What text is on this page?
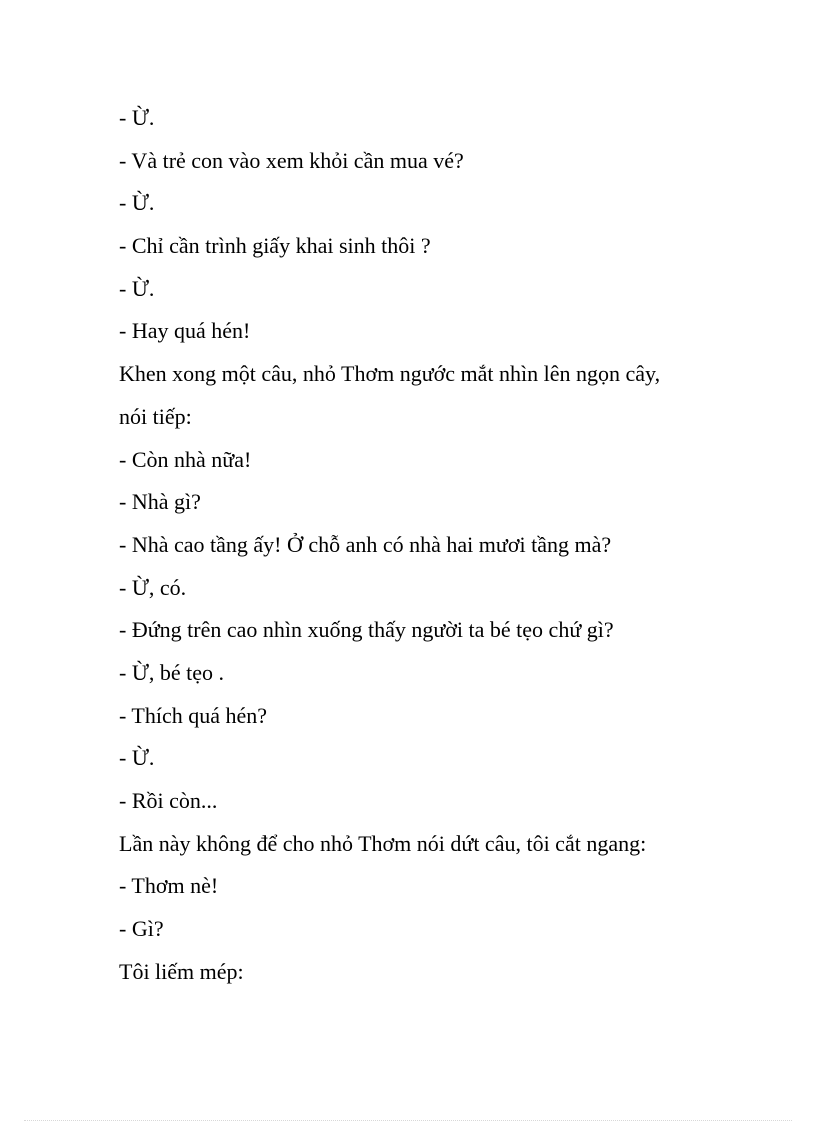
- Ừ.

- Và trẻ con vào xem khỏi cần mua vé?

- Ừ.

- Chỉ cần trình giấy khai sinh thôi ?

- Ừ.

- Hay quá hén!

Khen xong một câu, nhỏ Thơm ngước mắt nhìn lên ngọn cây,

nói tiếp:

- Còn nhà nữa!

- Nhà gì?

- Nhà cao tầng ấy! Ở chỗ anh có nhà hai mươi tầng mà?

- Ừ, có.

- Đứng trên cao nhìn xuống thấy người ta bé tẹo chứ gì?

- Ừ, bé tẹo .

- Thích quá hén?

- Ừ.

- Rồi còn...

Lần này không để cho nhỏ Thơm nói dứt câu, tôi cắt ngang:

- Thơm nè!

- Gì?

Tôi liếm mép:
